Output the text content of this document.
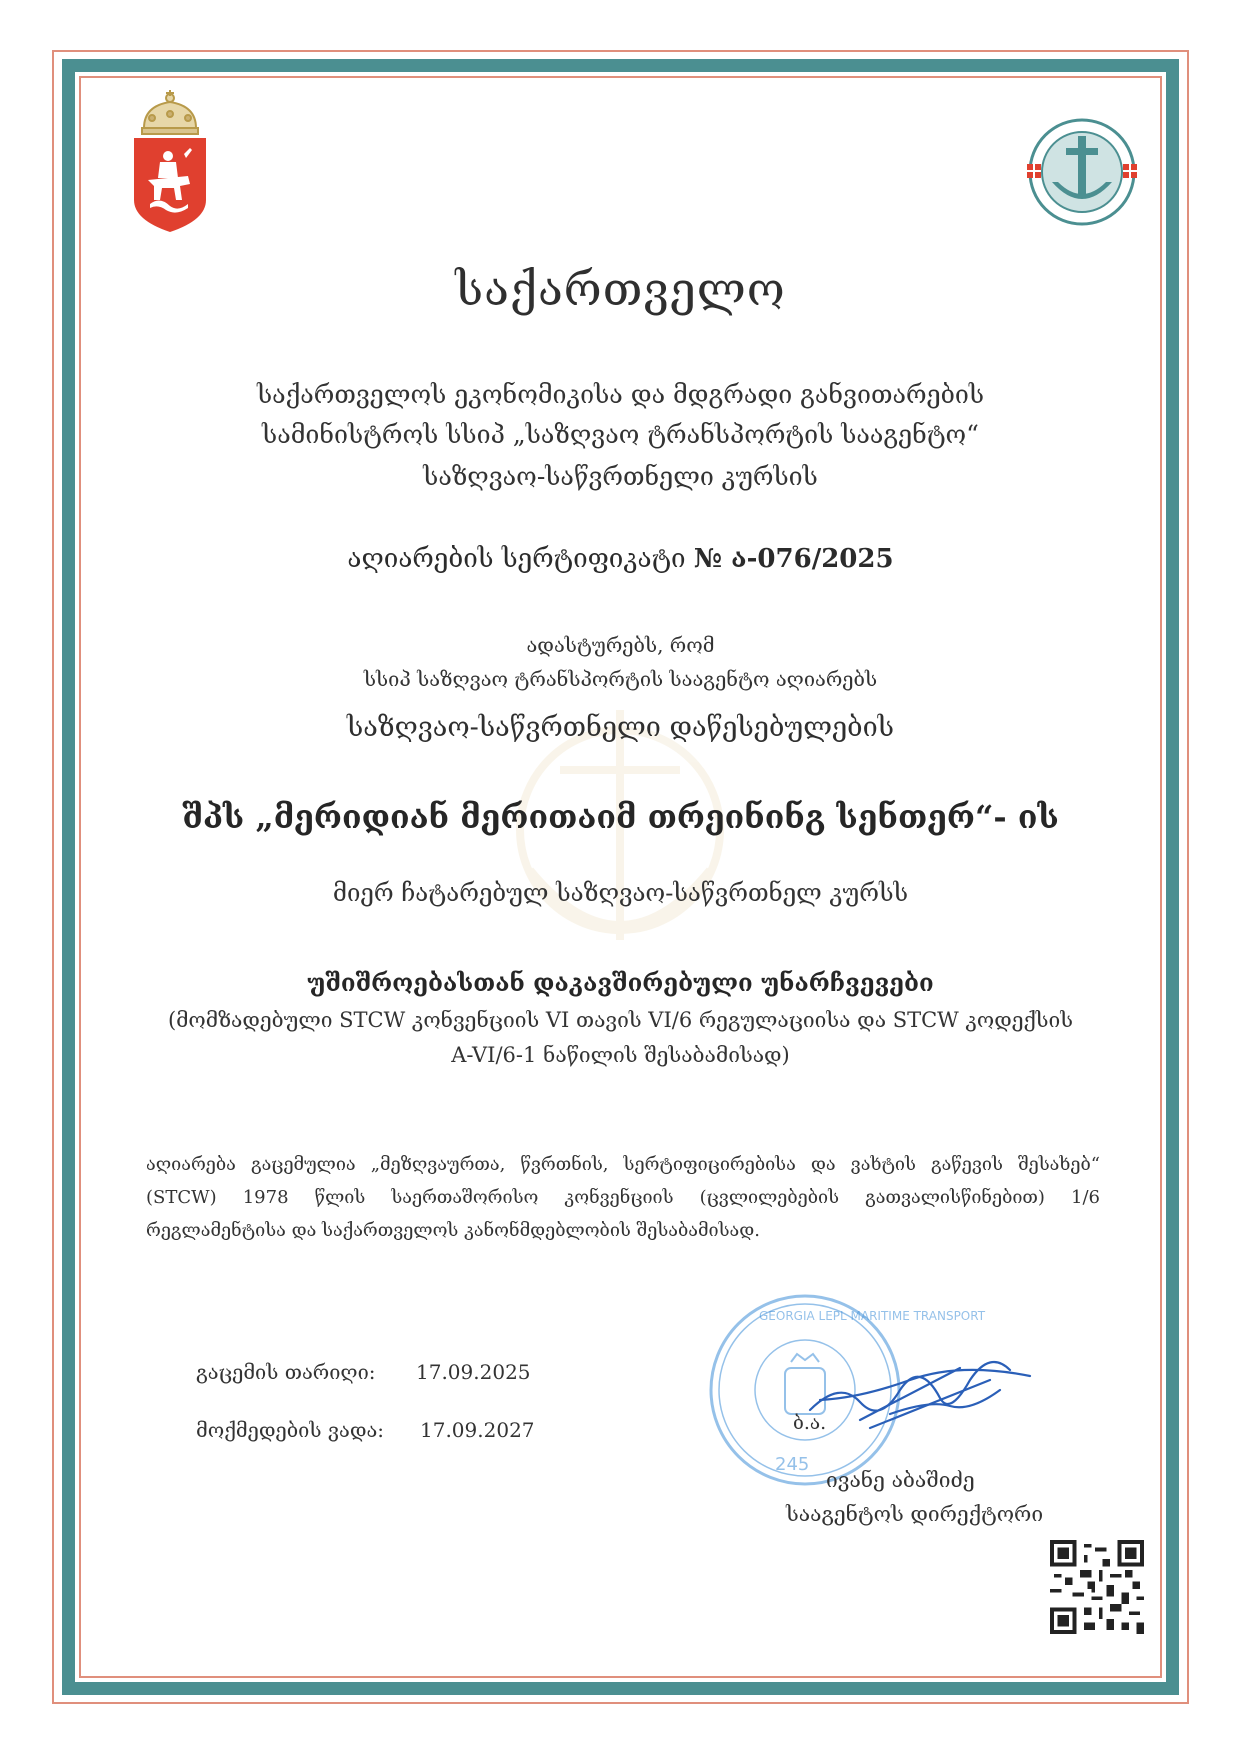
საქართველო
საქართველოს ეკონომიკისა და მდგრადი განვითარების
სამინისტროს სსიპ „საზღვაო ტრანსპორტის სააგენტო“
საზღვაო-საწვრთნელი კურსის
აღიარების სერტიფიკატი № ა-076/2025
ადასტურებს, რომ
სსიპ საზღვაო ტრანსპორტის სააგენტო აღიარებს
საზღვაო-საწვრთნელი დაწესებულების
შპს „მერიდიან მერითაიმ თრეინინგ სენთერ“- ის
მიერ ჩატარებულ საზღვაო-საწვრთნელ კურსს
უშიშროებასთან დაკავშირებული უნარჩვევები
(მომზადებული STCW კონვენციის VI თავის VI/6 რეგულაციისა და STCW კოდექსის
A-VI/6-1 ნაწილის შესაბამისად)
აღიარება გაცემულია „მეზღვაურთა, წვრთნის, სერტიფიცირებისა და ვახტის გაწევის შესახებ“ (STCW) 1978 წლის საერთაშორისო კონვენციის (ცვლილებების გათვალისწინებით) 1/6 რეგლამენტისა და საქართველოს კანონმდებლობის შესაბამისად.
გაცემის თარიღი: 17.09.2025
მოქმედების ვადა: 17.09.2027
GEORGIA LEPL MARITIME TRANSPORT
245
ბ.ა.
ივანე აბაშიძე
სააგენტოს დირექტორი
